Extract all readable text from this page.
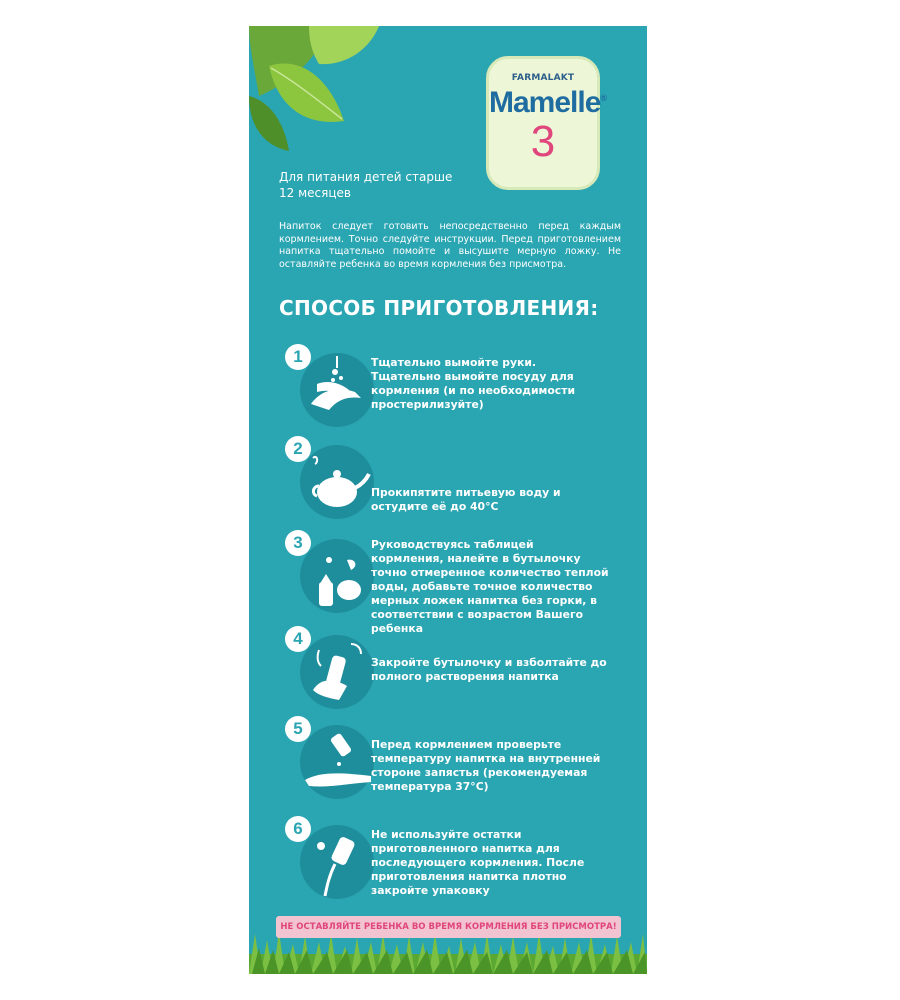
FARMALAKT
Mamelle®
3
Для питания детей старше 12 месяцев
Напиток следует готовить непосредственно перед каждым кормлением. Точно следуйте инструкции. Перед приготовлением напитка тщательно помойте и высушите мерную ложку. Не оставляйте ребенка во время кормления без присмотра.
СПОСОБ ПРИГОТОВЛЕНИЯ:
1	Тщательно вымойте руки. Тщательно вымойте посуду для кормления (и по необходимости простерилизуйте)
2
Прокипятите питьевую воду и остудите её до 40°С
3	Руководствуясь таблицей кормления, налейте в бутылочку точно отмеренное количество теплой воды, добавьте точное количество мерных ложек напитка без горки, в соответствии с возрастом Вашего ребенка
4
Закройте бутылочку и взболтайте до полного растворения напитка
5
Перед кормлением проверьте температуру напитка на внутренней стороне запястья (рекомендуемая температура 37°С)
6	Не используйте остатки приготовленного напитка для последующего кормления. После приготовления напитка плотно закройте упаковку
НЕ ОСТАВЛЯЙТЕ РЕБЕНКА ВО ВРЕМЯ КОРМЛЕНИЯ БЕЗ ПРИСМОТРА!
